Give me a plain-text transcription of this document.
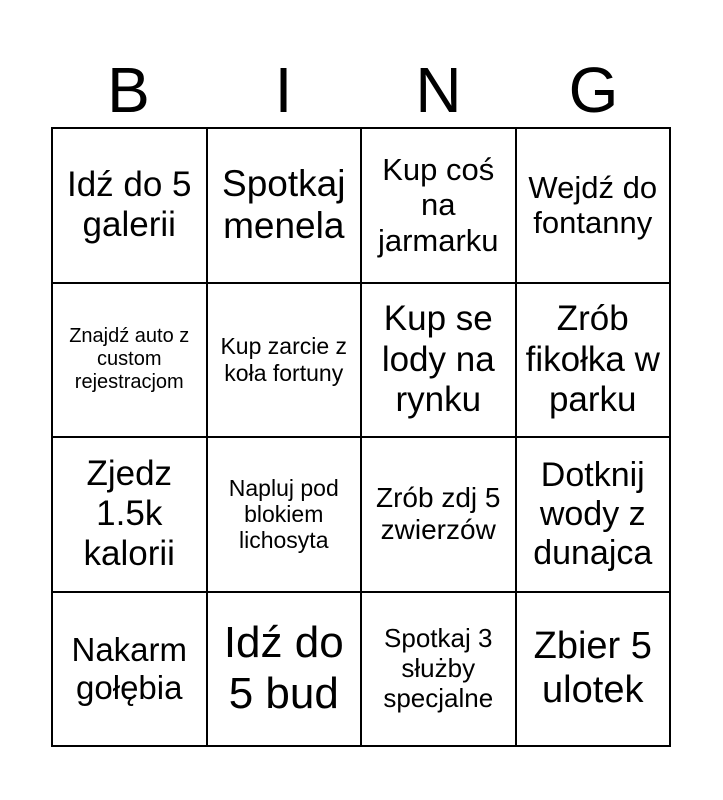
B	I	N	G
Idź do 5 galerii
Spotkaj menela
Kup coś na jarmarku
Wejdź do fontanny
Znajdź auto z custom rejestracjom
Kup zarcie z koła fortuny
Kup se lody na rynku
Zrób fikołka w parku
Zjedz 1.5k kalorii
Napluj pod blokiem lichosyta
Zrób zdj 5 zwierzów
Dotknij wody z dunajca
Nakarm gołębia
Idź do 5 bud
Spotkaj 3 służby specjalne
Zbier 5 ulotek
